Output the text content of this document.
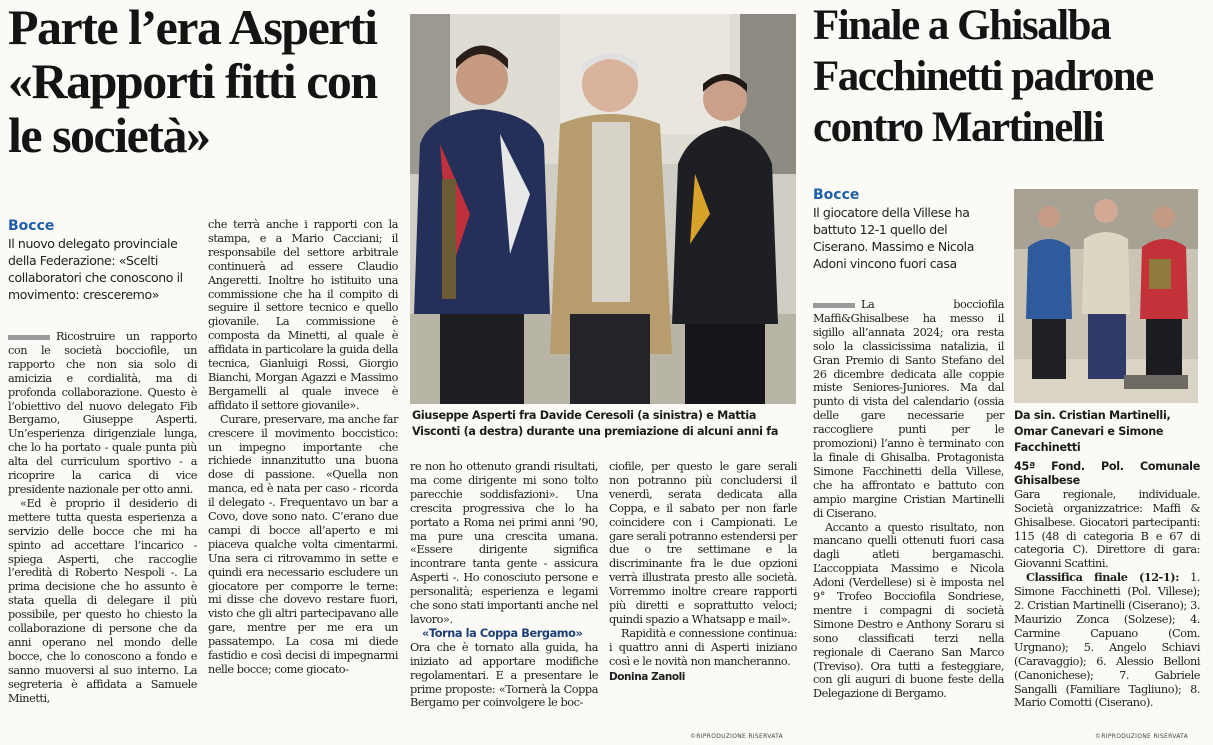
Parte l’era Asperti «Rapporti fitti con le società»
Bocce
Il nuovo delegato provinciale della Federazione: «Scelti collaboratori che conoscono il movimento: cresceremo»

Ricostruire un rapporto con le società bocciofile, un rapporto che non sia solo di amicizia e cordialità, ma di profonda collaborazione. Questo è l’obiettivo del nuovo delegato Fib Bergamo, Giuseppe Asperti. Un’esperienza dirigenziale lunga, che lo ha portato - quale punta più alta del curriculum sportivo - a ricoprire la carica di vice presidente nazionale per otto anni.

«Ed è proprio il desiderio di mettere tutta questa esperienza a servizio delle bocce che mi ha spinto ad accettare l’incarico - spiega Asperti, che raccoglie l’eredità di Roberto Nespoli -. La prima decisione che ho assunto è stata quella di delegare il più possibile, per questo ho chiesto la collaborazione di persone che da anni operano nel mondo delle bocce, che lo conoscono a fondo e sanno muoversi al suo interno. La segreteria è affidata a Samuele Minetti,

che terrà anche i rapporti con la stampa, e a Mario Cacciani; il responsabile del settore arbitrale continuerà ad essere Claudio Angeretti. Inoltre ho istituito una commissione che ha il compito di seguire il settore tecnico e quello giovanile. La commissione è composta da Minetti, al quale è affidata in particolare la guida della tecnica, Gianluigi Rossi, Giorgio Bianchi, Morgan Agazzi e Massimo Bergamelli al quale invece è affidato il settore giovanile».

Curare, preservare, ma anche far crescere il movimento boccistico: un impegno importante che richiede innanzitutto una buona dose di passione. «Quella non manca, ed è nata per caso - ricorda il delegato -. Frequentavo un bar a Covo, dove sono nato. C’erano due campi di bocce all’aperto e mi piaceva qualche volta cimentarmi. Una sera ci ritrovammo in sette e quindi era necessario escludere un giocatore per comporre le terne: mi disse che dovevo restare fuori, visto che gli altri partecipavano alle gare, mentre per me era un passatempo. La cosa mi diede fastidio e così decisi di impegnarmi nelle bocce; come giocato-

Giuseppe Asperti fra Davide Ceresoli (a sinistra) e Mattia Visconti (a destra) durante una premiazione di alcuni anni fa

re non ho ottenuto grandi risultati, ma come dirigente mi sono tolto parecchie soddisfazioni». Una crescita progressiva che lo ha portato a Roma nei primi anni ’90, ma pure una crescita umana. «Essere dirigente significa incontrare tanta gente - assicura Asperti -. Ho conosciuto persone e personalità; esperienza e legami che sono stati importanti anche nel lavoro».

«Torna la Coppa Bergamo»

Ora che è tornato alla guida, ha iniziato ad apportare modifiche regolamentari. E a presentare le prime proposte: «Tornerà la Coppa Bergamo per coinvolgere le boc-

ciofile, per questo le gare serali non potranno più concludersi il venerdì, serata dedicata alla Coppa, e il sabato per non farle coincidere con i Campionati. Le gare serali potranno estendersi per due o tre settimane e la discriminante fra le due opzioni verrà illustrata presto alle società. Vorremmo inoltre creare rapporti più diretti e soprattutto veloci; quindi spazio a Whatsapp e mail».

Rapidità e connessione continua: i quattro anni di Asperti iniziano così e le novità non mancheranno.

Donina Zanoli
©RIPRODUZIONE RISERVATA
Finale a Ghisalba Facchinetti padrone contro Martinelli
Bocce
Il giocatore della Villese ha battuto 12-1 quello del Ciserano. Massimo e Nicola Adoni vincono fuori casa

La bocciofila Maffi&Ghisalbese ha messo il sigillo all’annata 2024; ora resta solo la classicissima natalizia, il Gran Premio di Santo Stefano del 26 dicembre dedicata alle coppie miste Seniores-Juniores. Ma dal punto di vista del calendario (ossia delle gare necessarie per raccogliere punti per le promozioni) l’anno è terminato con la finale di Ghisalba. Protagonista Simone Facchinetti della Villese, che ha affrontato e battuto con ampio margine Cristian Martinelli di Ciserano.

Accanto a questo risultato, non mancano quelli ottenuti fuori casa dagli atleti bergamaschi. L’accoppiata Massimo e Nicola Adoni (Verdellese) si è imposta nel 9° Trofeo Bocciofila Sondriese, mentre i compagni di società Simone Destro e Anthony Soraru si sono classificati terzi nella regionale di Caerano San Marco (Treviso). Ora tutti a festeggiare, con gli auguri di buone feste della Delegazione di Bergamo.

Da sin. Cristian Martinelli, Omar Canevari e Simone Facchinetti
45ª Fond. Pol. Comunale Ghisalbese

Gara regionale, individuale. Società organizzatrice: Maffi & Ghisalbese. Giocatori partecipanti: 115 (48 di categoria B e 67 di categoria C). Direttore di gara: Giovanni Scattini.

Classifica finale (12-1): 1. Simone Facchinetti (Pol. Villese); 2. Cristian Martinelli (Ciserano); 3. Maurizio Zonca (Solzese); 4. Carmine Capuano (Com. Urgnano); 5. Angelo Schiavi (Caravaggio); 6. Alessio Belloni (Canonichese); 7. Gabriele Sangalli (Familiare Tagliuno); 8. Mario Comotti (Ciserano).

©RIPRODUZIONE RISERVATA
